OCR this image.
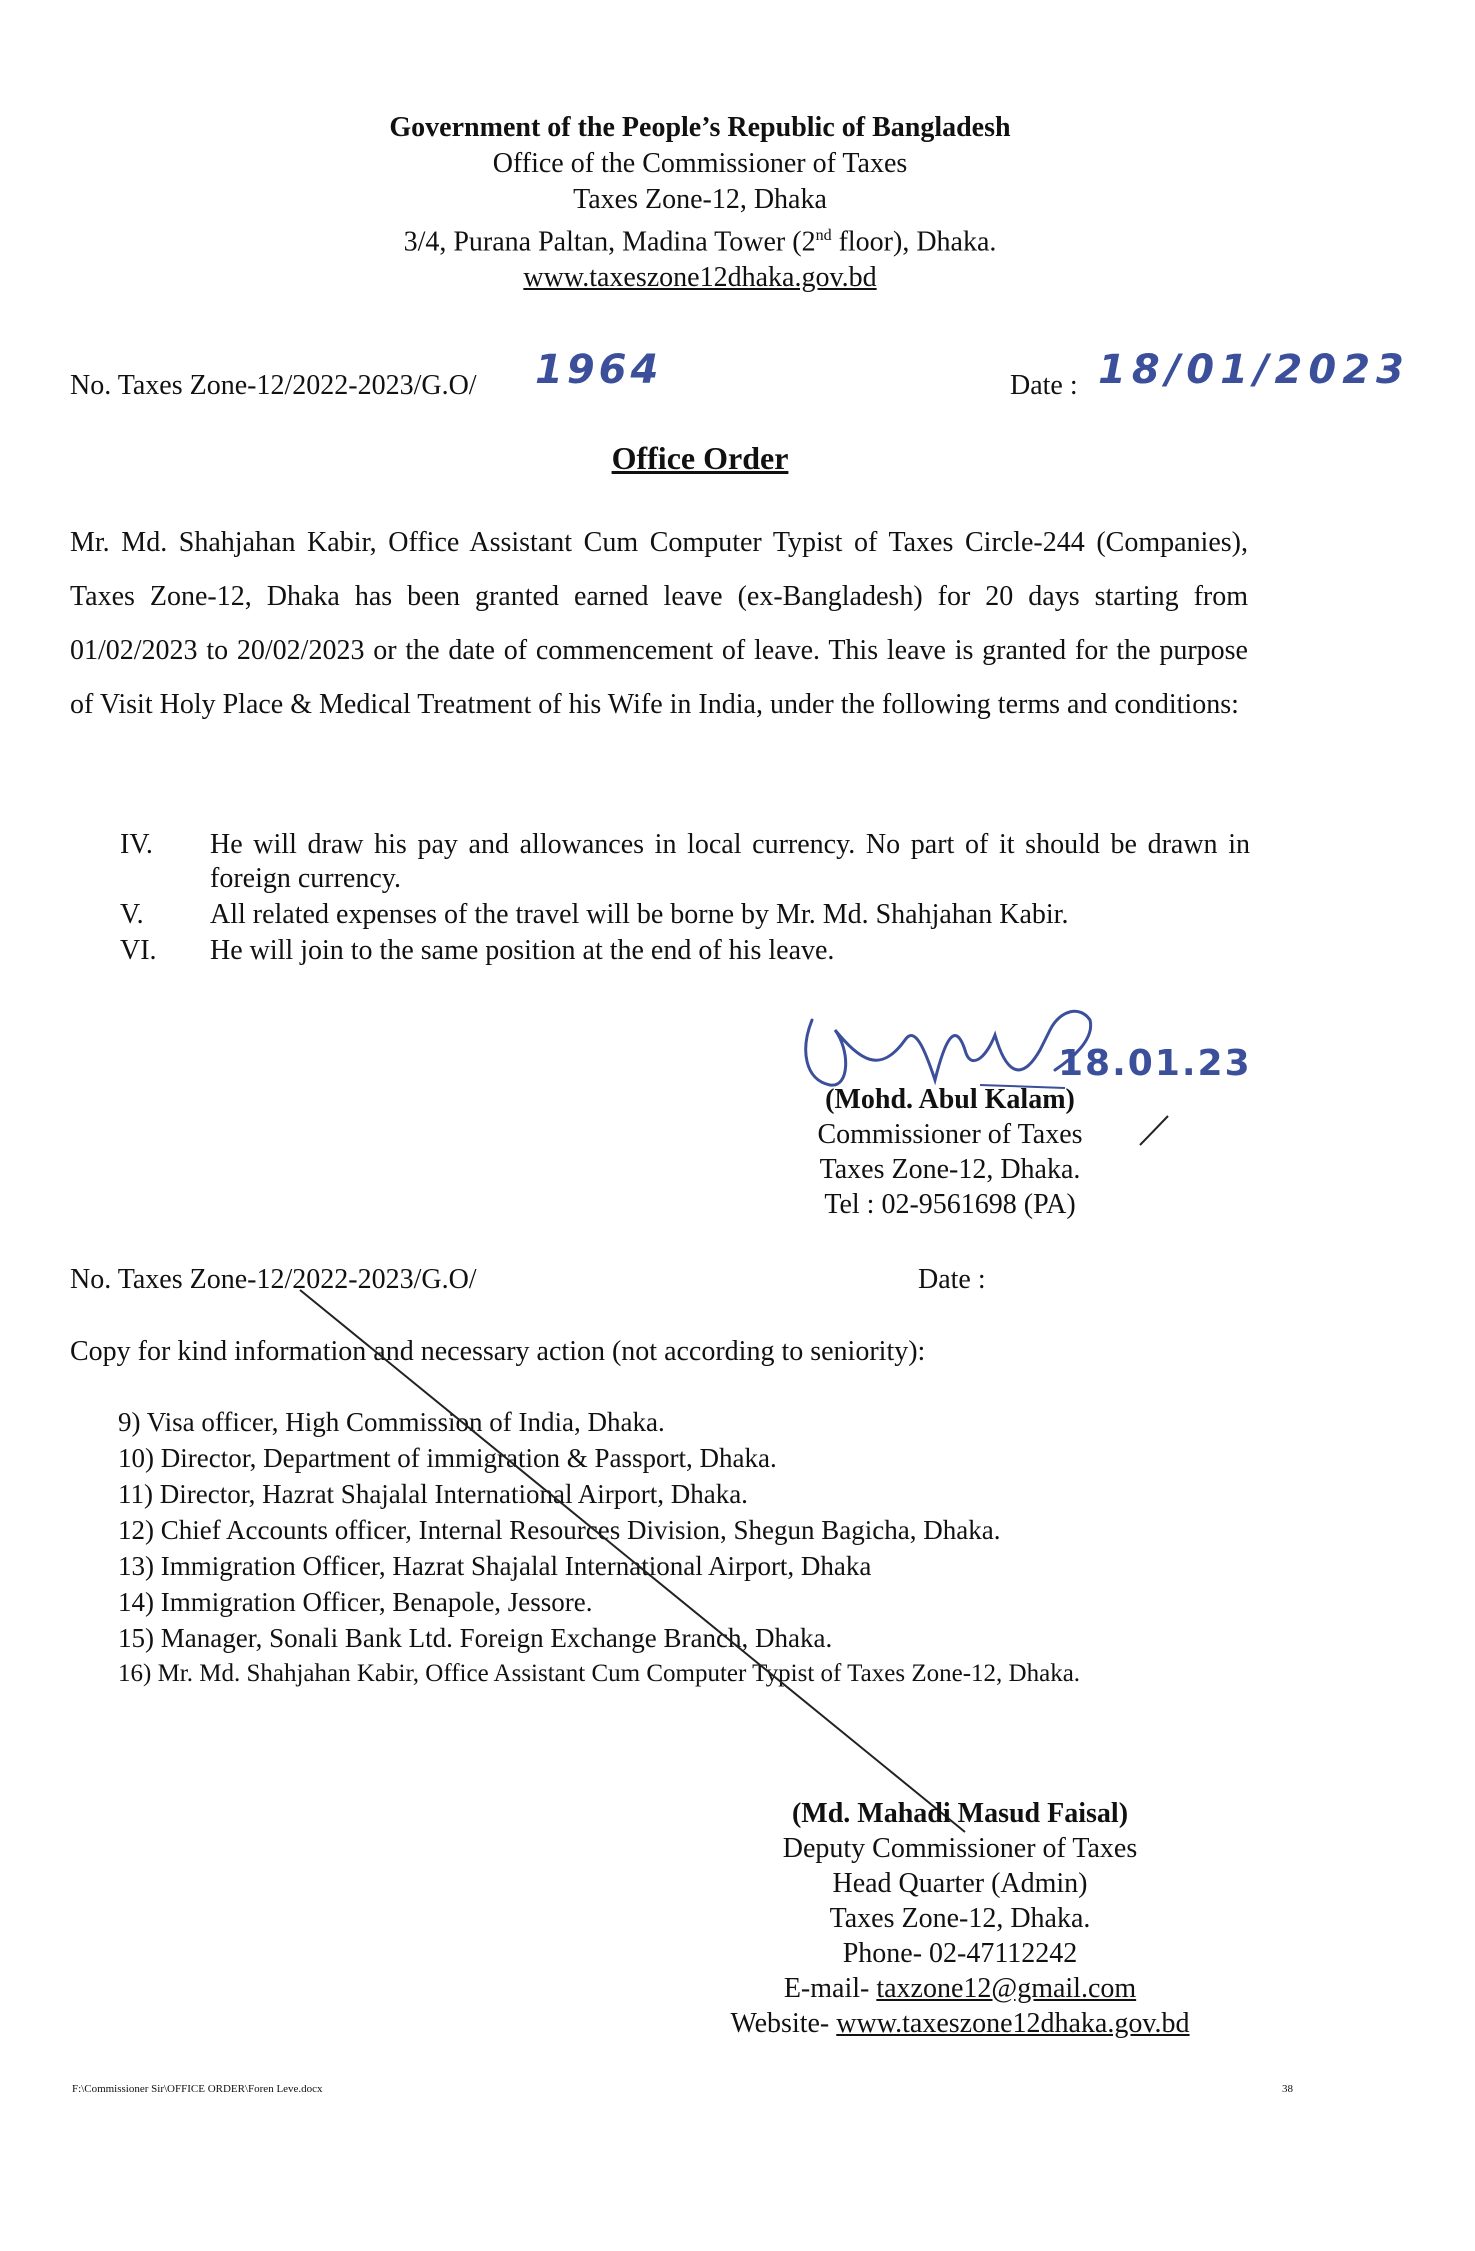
Government of the People’s Republic of Bangladesh
Office of the Commissioner of Taxes
Taxes Zone-12, Dhaka
3/4, Purana Paltan, Madina Tower (2nd floor), Dhaka.
www.taxeszone12dhaka.gov.bd
No. Taxes Zone-12/2022-2023/G.O/ 1964	Date : 18/01/2023
Office Order
Mr. Md. Shahjahan Kabir, Office Assistant Cum Computer Typist of Taxes Circle-244 (Companies), Taxes Zone-12, Dhaka has been granted earned leave (ex-Bangladesh) for 20 days starting from 01/02/2023 to 20/02/2023 or the date of commencement of leave. This leave is granted for the purpose of Visit Holy Place & Medical Treatment of his Wife in India, under the following terms and conditions:
IV.	He will draw his pay and allowances in local currency. No part of it should be drawn in foreign currency.
V.	All related expenses of the travel will be borne by Mr. Md. Shahjahan Kabir.
VI.	He will join to the same position at the end of his leave.
18.01.23
(Mohd. Abul Kalam)
Commissioner of Taxes
Taxes Zone-12, Dhaka.
Tel : 02-9561698 (PA)
No. Taxes Zone-12/2022-2023/G.O/	Date :
Copy for kind information and necessary action (not according to seniority):
9) Visa officer, High Commission of India, Dhaka.
10) Director, Department of immigration & Passport, Dhaka.
11) Director, Hazrat Shajalal International Airport, Dhaka.
12) Chief Accounts officer, Internal Resources Division, Shegun Bagicha, Dhaka.
13) Immigration Officer, Hazrat Shajalal International Airport, Dhaka
14) Immigration Officer, Benapole, Jessore.
15) Manager, Sonali Bank Ltd. Foreign Exchange Branch, Dhaka.
16) Mr. Md. Shahjahan Kabir, Office Assistant Cum Computer Typist of Taxes Zone-12, Dhaka.
(Md. Mahadi Masud Faisal)
Deputy Commissioner of Taxes
Head Quarter (Admin)
Taxes Zone-12, Dhaka.
Phone- 02-47112242
E-mail- taxzone12@gmail.com
Website- www.taxeszone12dhaka.gov.bd
F:\Commissioner Sir\OFFICE ORDER\Foren Leve.docx	38
